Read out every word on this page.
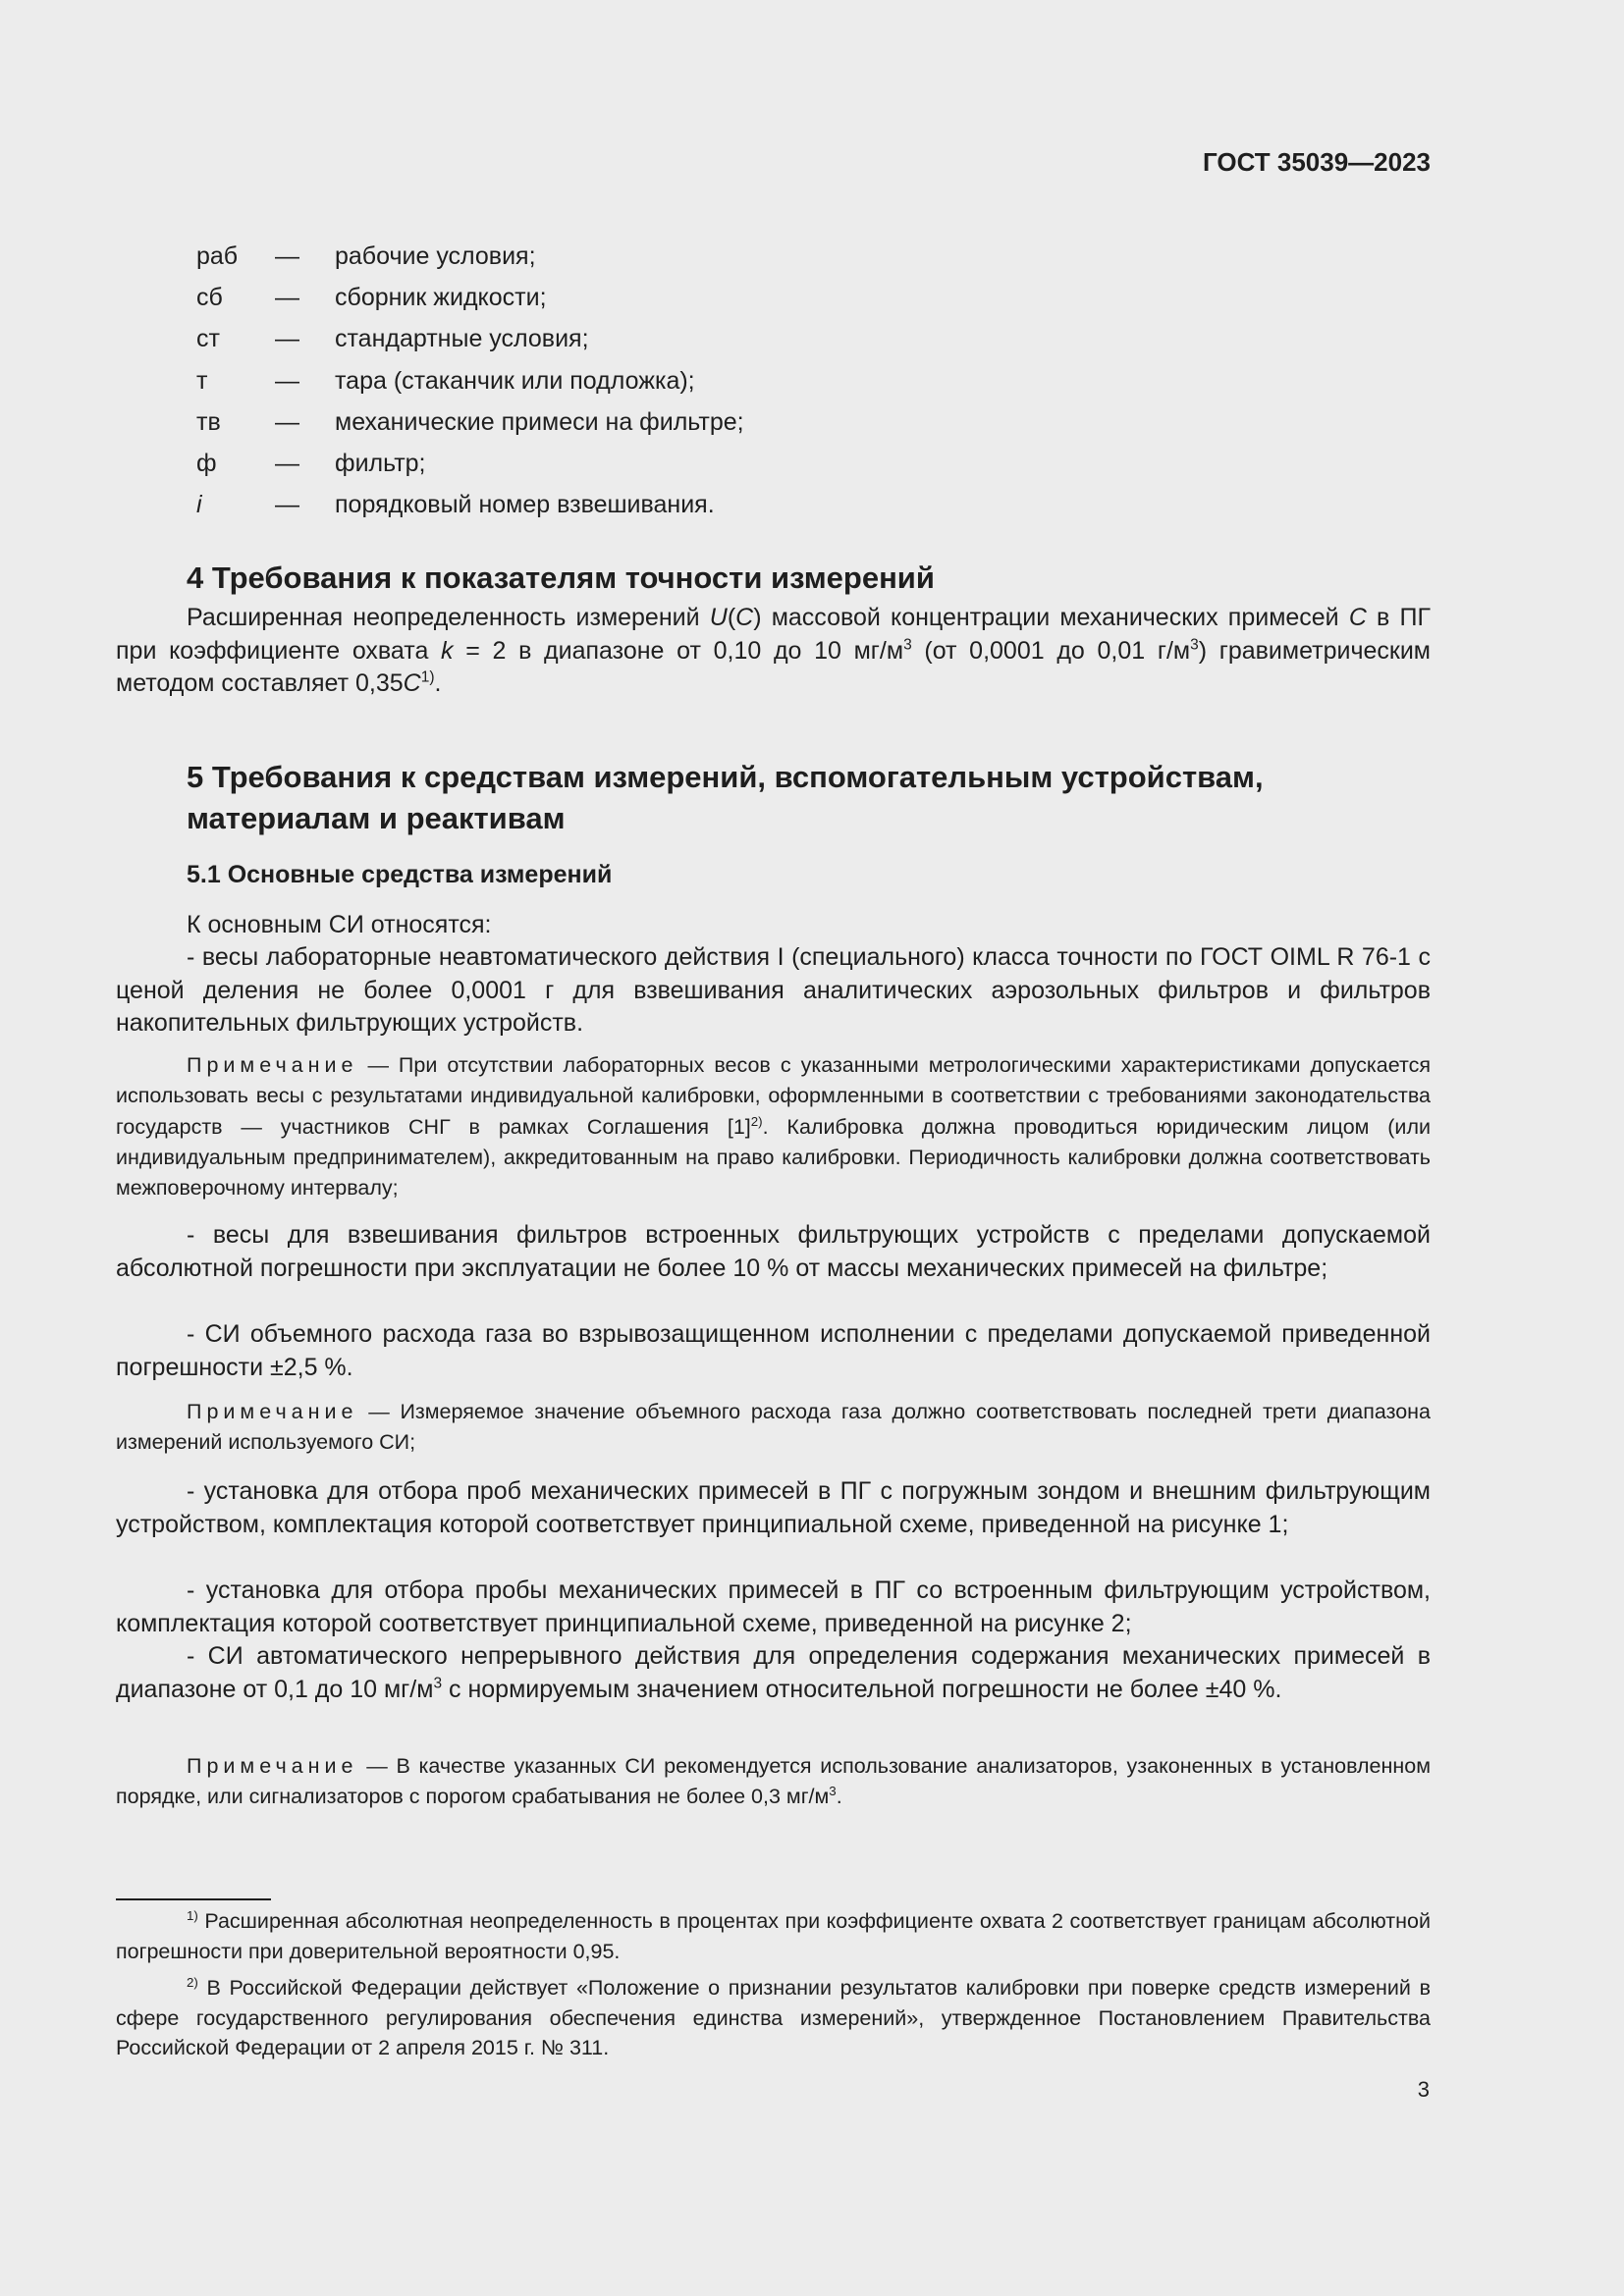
ГОСТ 35039—2023
раб	—	рабочие условия;
сб	—	сборник жидкости;
ст	—	стандартные условия;
т	—	тара (стаканчик или подложка);
тв	—	механические примеси на фильтре;
ф	—	фильтр;
i	—	порядковый номер взвешивания.
4 Требования к показателям точности измерений

Расширенная неопределенность измерений U(C) массовой концентрации механических примесей C в ПГ при коэффициенте охвата k = 2 в диапазоне от 0,10 до 10 $мг/м^3$ (от 0,0001 до 0,01 $г/м^3$) гравиметрическим методом составляет $0,35C^{1)}$.

5 Требования к средствам измерений, вспомогательным устройствам, материалам и реактивам
5.1 Основные средства измерений

К основным СИ относятся:

- весы лабораторные неавтоматического действия I (специального) класса точности по ГОСТ OIML R 76-1 с ценой деления не более 0,0001 г для взвешивания аналитических аэрозольных фильтров и фильтров накопительных фильтрующих устройств.

Примечание — При отсутствии лабораторных весов с указанными метрологическими характеристиками допускается использовать весы с результатами индивидуальной калибровки, оформленными в соответствии с требованиями законодательства государств — участников СНГ в рамках Соглашения $[1]^{2)}$. Калибровка должна проводиться юридическим лицом (или индивидуальным предпринимателем), аккредитованным на право калибровки. Периодичность калибровки должна соответствовать межповерочному интервалу;

- весы для взвешивания фильтров встроенных фильтрующих устройств с пределами допускаемой абсолютной погрешности при эксплуатации не более 10 % от массы механических примесей на фильтре;

- СИ объемного расхода газа во взрывозащищенном исполнении с пределами допускаемой приведенной погрешности ±2,5 %.

Примечание — Измеряемое значение объемного расхода газа должно соответствовать последней трети диапазона измерений используемого СИ;

- установка для отбора проб механических примесей в ПГ с погружным зондом и внешним фильтрующим устройством, комплектация которой соответствует принципиальной схеме, приведенной на рисунке 1;

- установка для отбора пробы механических примесей в ПГ со встроенным фильтрующим устройством, комплектация которой соответствует принципиальной схеме, приведенной на рисунке 2;

- СИ автоматического непрерывного действия для определения содержания механических примесей в диапазоне от 0,1 до 10 $мг/м^3$ с нормируемым значением относительной погрешности не более ±40 %.

Примечание — В качестве указанных СИ рекомендуется использование анализаторов, узаконенных в установленном порядке, или сигнализаторов с порогом срабатывания не более 0,3 $мг/м^3$.

$^{1)}$ Расширенная абсолютная неопределенность в процентах при коэффициенте охвата 2 соответствует границам абсолютной погрешности при доверительной вероятности 0,95.

$^{2)}$ В Российской Федерации действует «Положение о признании результатов калибровки при поверке средств измерений в сфере государственного регулирования обеспечения единства измерений», утвержденное Постановлением Правительства Российской Федерации от 2 апреля 2015 г. № 311.

3
